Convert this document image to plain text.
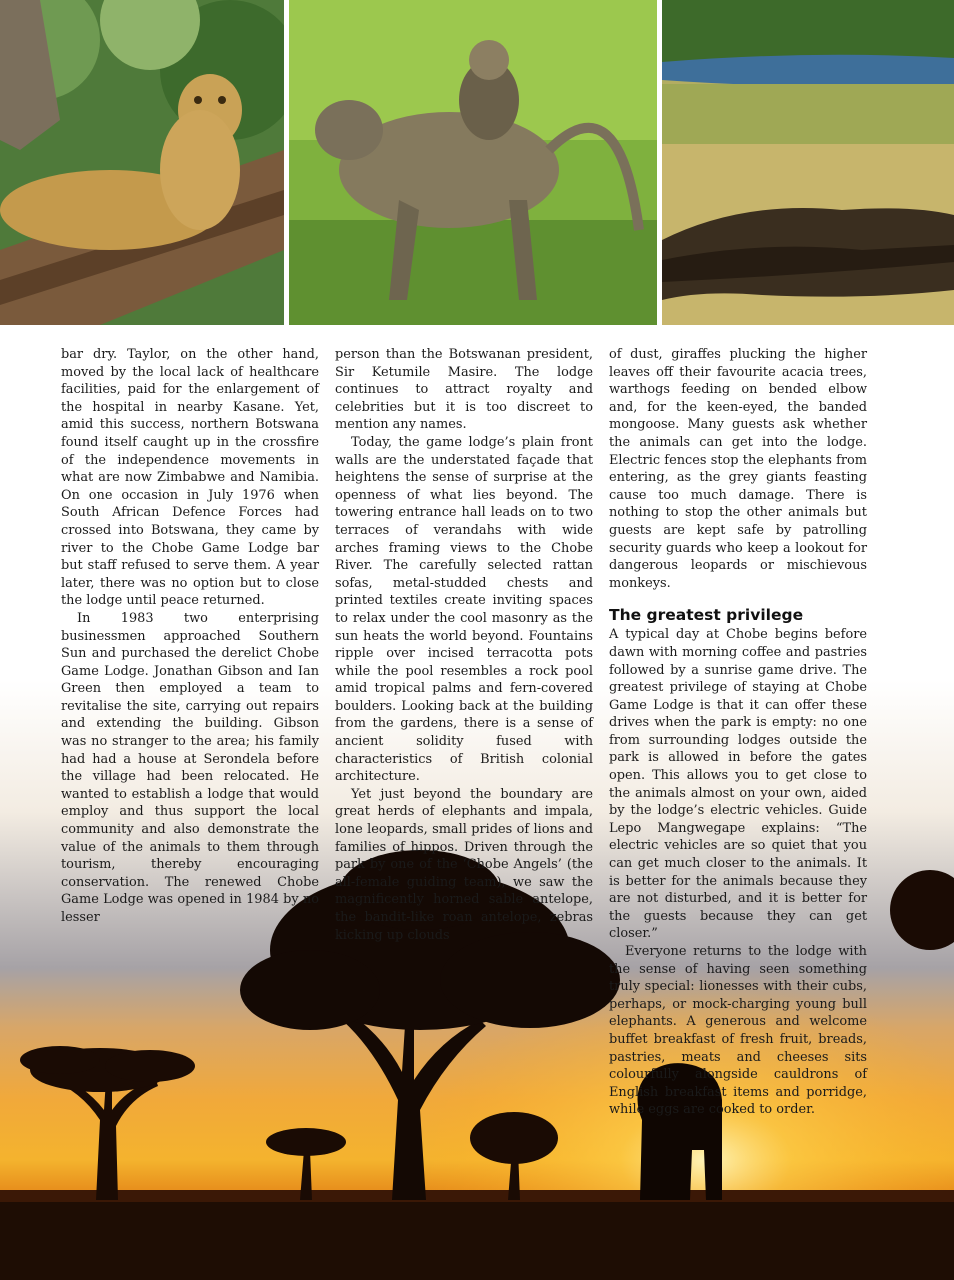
bar dry. Taylor, on the other hand, moved by the local lack of healthcare facilities, paid for the enlargement of the hospital in nearby Kasane. Yet, amid this success, northern Botswana found itself caught up in the crossfire of the independence movements in what are now Zimbabwe and Namibia. On one occasion in July 1976 when South African Defence Forces had crossed into Botswana, they came by river to the Chobe Game Lodge bar but staff refused to serve them. A year later, there was no option but to close the lodge until peace returned.

In 1983 two enterprising businessmen approached Southern Sun and purchased the derelict Chobe Game Lodge. Jonathan Gibson and Ian Green then employed a team to revitalise the site, carrying out repairs and extending the building. Gibson was no stranger to the area; his family had had a house at Serondela before the village had been relocated. He wanted to establish a lodge that would employ and thus support the local community and also demonstrate the value of the animals to them through tourism, thereby encouraging conservation. The renewed Chobe Game Lodge was opened in 1984 by no lesser

person than the Botswanan president, Sir Ketumile Masire. The lodge continues to attract royalty and celebrities but it is too discreet to mention any names.

Today, the game lodge’s plain front walls are the understated façade that heightens the sense of surprise at the openness of what lies beyond. The towering entrance hall leads on to two terraces of verandahs with wide arches framing views to the Chobe River. The carefully selected rattan sofas, metal-studded chests and printed textiles create inviting spaces to relax under the cool masonry as the sun heats the world beyond. Fountains ripple over incised terracotta pots while the pool resembles a rock pool amid tropical palms and fern-covered boulders. Looking back at the building from the gardens, there is a sense of ancient solidity fused with characteristics of British colonial architecture.

Yet just beyond the boundary are great herds of elephants and impala, lone leopards, small prides of lions and families of hippos. Driven through the park by one of the ‘Chobe Angels’ (the all-female guiding team), we saw the magnificently horned sable antelope, the bandit-like roan antelope, zebras kicking up clouds

of dust, giraffes plucking the higher leaves off their favourite acacia trees, warthogs feeding on bended elbow and, for the keen-eyed, the banded mongoose. Many guests ask whether the animals can get into the lodge. Electric fences stop the elephants from entering, as the grey giants feasting cause too much damage. There is nothing to stop the other animals but guests are kept safe by patrolling security guards who keep a lookout for dangerous leopards or mischievous monkeys.

The greatest privilege

A typical day at Chobe begins before dawn with morning coffee and pastries followed by a sunrise game drive. The greatest privilege of staying at Chobe Game Lodge is that it can offer these drives when the park is empty: no one from surrounding lodges outside the park is allowed in before the gates open. This allows you to get close to the animals almost on your own, aided by the lodge’s electric vehicles. Guide Lepo Mangwegape explains: “The electric vehicles are so quiet that you can get much closer to the animals. It is better for the animals because they are not disturbed, and it is better for the guests because they can get closer.”

Everyone returns to the lodge with the sense of having seen something truly special: lionesses with their cubs, perhaps, or mock-charging young bull elephants. A generous and welcome buffet breakfast of fresh fruit, breads, pastries, meats and cheeses sits colourfully alongside cauldrons of English breakfast items and porridge, while eggs are cooked to order.
